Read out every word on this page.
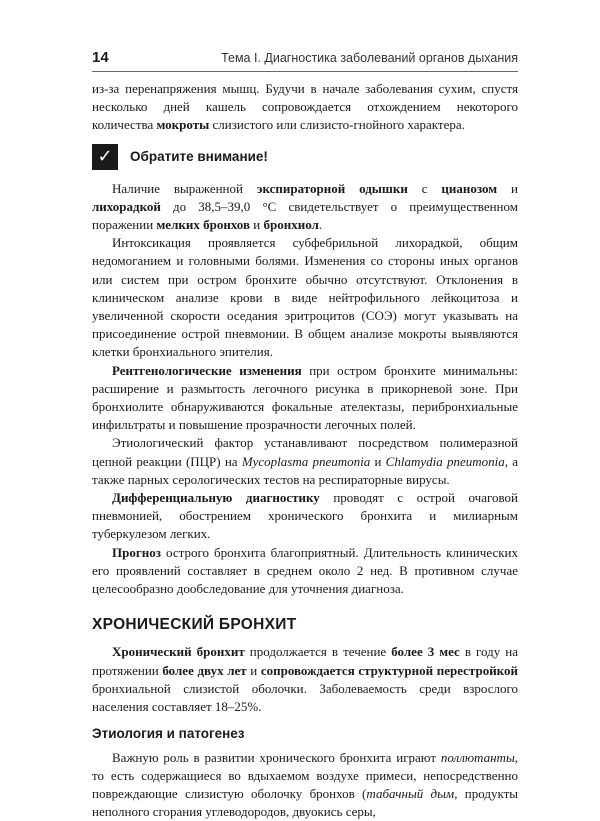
14	Тема I. Диагностика заболеваний органов дыхания

из-за перенапряжения мышц. Будучи в начале заболевания сухим, спустя несколько дней кашель сопровождается отхождением некоторого количества мокроты слизистого или слизисто-гнойного характера.

✓	Обратите внимание!

Наличие выраженной экспираторной одышки с цианозом и лихорадкой до 38,5–39,0 °С свидетельствует о преимущественном поражении мелких бронхов и бронхиол.

Интоксикация проявляется субфебрильной лихорадкой, общим недомоганием и головными болями. Изменения со стороны иных органов или систем при остром бронхите обычно отсутствуют. Отклонения в клиническом анализе крови в виде нейтрофильного лейкоцитоза и увеличенной скорости оседания эритроцитов (СОЭ) могут указывать на присоединение острой пневмонии. В общем анализе мокроты выявляются клетки бронхиального эпителия.

Рентгенологические изменения при остром бронхите минимальны: расширение и размытость легочного рисунка в прикорневой зоне. При бронхиолите обнаруживаются фокальные ателектазы, перибронхиальные инфильтраты и повышение прозрачности легочных полей.

Этиологический фактор устанавливают посредством полимеразной цепной реакции (ПЦР) на Mycoplasma pneumonia и Chlamydia pneumonia, а также парных серологических тестов на респираторные вирусы.

Дифференциальную диагностику проводят с острой очаговой пневмонией, обострением хронического бронхита и милиарным туберкулезом легких.

Прогноз острого бронхита благоприятный. Длительность клинических его проявлений составляет в среднем около 2 нед. В противном случае целесообразно дообследование для уточнения диагноза.

ХРОНИЧЕСКИЙ БРОНХИТ

Хронический бронхит продолжается в течение более 3 мес в году на протяжении более двух лет и сопровождается структурной перестройкой бронхиальной слизистой оболочки. Заболеваемость среди взрослого населения составляет 18–25%.

Этиология и патогенез

Важную роль в развитии хронического бронхита играют поллютанты, то есть содержащиеся во вдыхаемом воздухе примеси, непосредственно повреждающие слизистую оболочку бронхов (табачный дым, продукты неполного сгорания углеводородов, двуокись серы,
